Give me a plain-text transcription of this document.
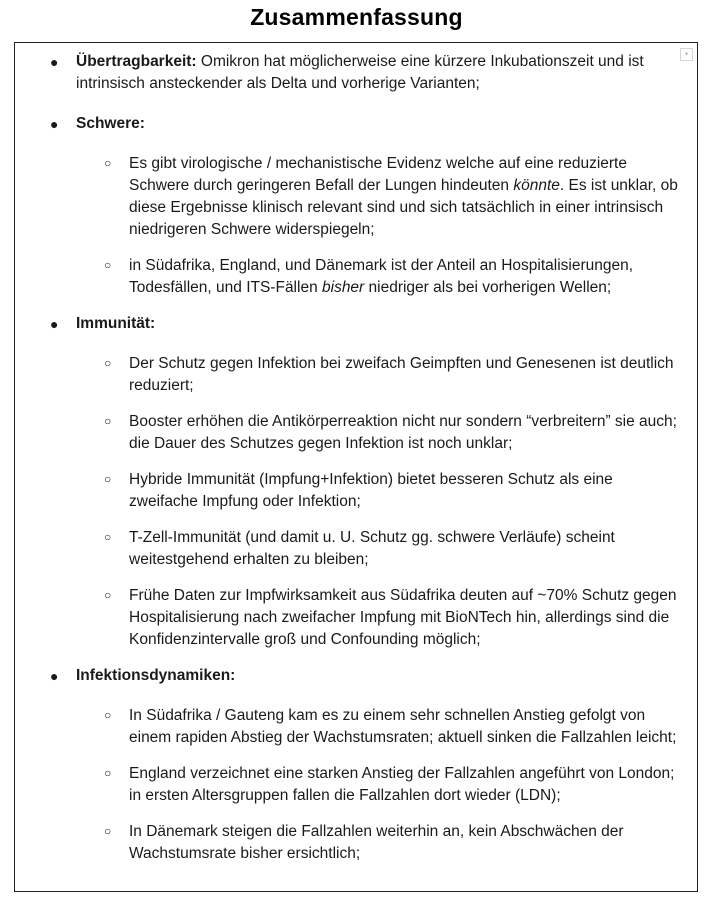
Zusammenfassung
▾

● Übertragbarkeit: Omikron hat möglicherweise eine kürzere Inkubationszeit und ist intrinsisch ansteckender als Delta und vorherige Varianten;

● Schwere:

○ Es gibt virologische / mechanistische Evidenz welche auf eine reduzierte Schwere durch geringeren Befall der Lungen hindeuten könnte. Es ist unklar, ob diese Ergebnisse klinisch relevant sind und sich tatsächlich in einer intrinsisch niedrigeren Schwere widerspiegeln;

○ in Südafrika, England, und Dänemark ist der Anteil an Hospitalisierungen, Todesfällen, und ITS-Fällen bisher niedriger als bei vorherigen Wellen;

● Immunität:

○ Der Schutz gegen Infektion bei zweifach Geimpften und Genesenen ist deutlich reduziert;

○ Booster erhöhen die Antikörperreaktion nicht nur sondern “verbreitern” sie auch; die Dauer des Schutzes gegen Infektion ist noch unklar;

○ Hybride Immunität (Impfung+Infektion) bietet besseren Schutz als eine zweifache Impfung oder Infektion;

○ T-Zell-Immunität (und damit u. U. Schutz gg. schwere Verläufe) scheint weitestgehend erhalten zu bleiben;

○ Frühe Daten zur Impfwirksamkeit aus Südafrika deuten auf ~70% Schutz gegen Hospitalisierung nach zweifacher Impfung mit BioNTech hin, allerdings sind die Konfidenzintervalle groß und Confounding möglich;

● Infektionsdynamiken:

○ In Südafrika / Gauteng kam es zu einem sehr schnellen Anstieg gefolgt von einem rapiden Abstieg der Wachstumsraten; aktuell sinken die Fallzahlen leicht;

○ England verzeichnet eine starken Anstieg der Fallzahlen angeführt von London; in ersten Altersgruppen fallen die Fallzahlen dort wieder (LDN);

○ In Dänemark steigen die Fallzahlen weiterhin an, kein Abschwächen der Wachstumsrate bisher ersichtlich;
